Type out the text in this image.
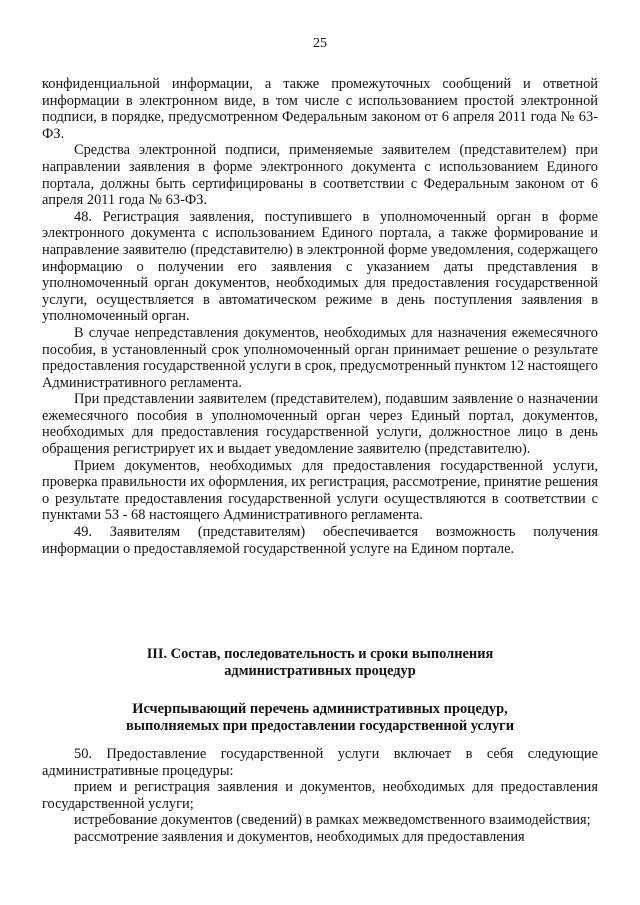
25

конфиденциальной информации, а также промежуточных сообщений и ответной информации в электронном виде, в том числе с использованием простой электронной подписи, в порядке, предусмотренном Федеральным законом от 6 апреля 2011 года № 63-ФЗ.

Средства электронной подписи, применяемые заявителем (представителем) при направлении заявления в форме электронного документа с использованием Единого портала, должны быть сертифицированы в соответствии с Федеральным законом от 6 апреля 2011 года № 63-ФЗ.

48. Регистрация заявления, поступившего в уполномоченный орган в форме электронного документа с использованием Единого портала, а также формирование и направление заявителю (представителю) в электронной форме уведомления, содержащего информацию о получении его заявления с указанием даты представления в уполномоченный орган документов, необходимых для предоставления государственной услуги, осуществляется в автоматическом режиме в день поступления заявления в уполномоченный орган.

В случае непредставления документов, необходимых для назначения ежемесячного пособия, в установленный срок уполномоченный орган принимает решение о результате предоставления государственной услуги в срок, предусмотренный пунктом 12 настоящего Административного регламента.

При представлении заявителем (представителем), подавшим заявление о назначении ежемесячного пособия в уполномоченный орган через Единый портал, документов, необходимых для предоставления государственной услуги, должностное лицо в день обращения регистрирует их и выдает уведомление заявителю (представителю).

Прием документов, необходимых для предоставления государственной услуги, проверка правильности их оформления, их регистрация, рассмотрение, принятие решения о результате предоставления государственной услуги осуществляются в соответствии с пунктами 53 - 68 настоящего Административного регламента.

49. Заявителям (представителям) обеспечивается возможность получения информации о предоставляемой государственной услуге на Едином портале.

III. Состав, последовательность и сроки выполнения
административных процедур
Исчерпывающий перечень административных процедур,
выполняемых при предоставлении государственной услуги

50. Предоставление государственной услуги включает в себя следующие административные процедуры:

прием и регистрация заявления и документов, необходимых для предоставления государственной услуги;

истребование документов (сведений) в рамках межведомственного взаимодействия;

рассмотрение заявления и документов, необходимых для предоставления
